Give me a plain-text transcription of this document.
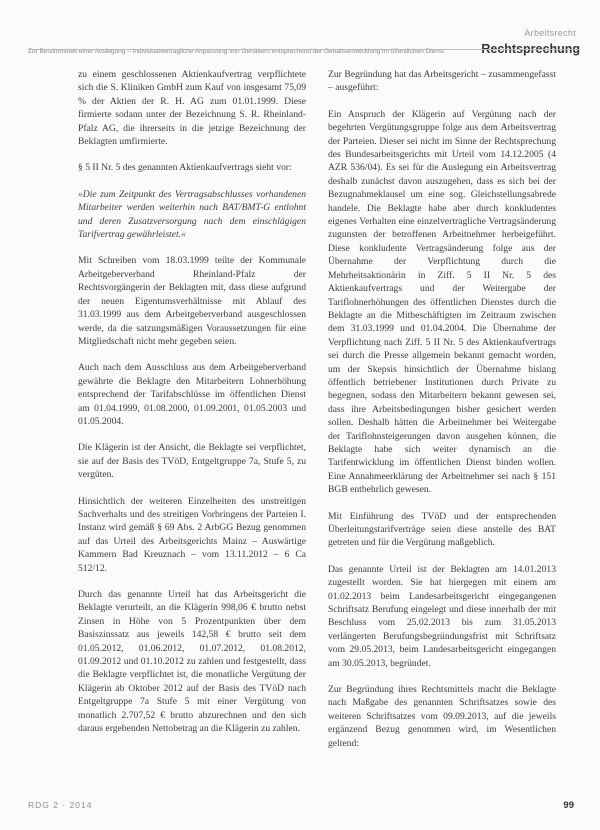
Arbeitsrecht
Zur Bestimmtheit einer Auslegung – Individualvertragliche Anpassung von Gehältern entsprechend der Gehaltsentwicklung im öffentlichen Dienst	Rechtsprechung

zu einem geschlossenen Aktienkaufvertrag verpflichtete sich die S. Kliniken GmbH zum Kauf von insgesamt 75,09 % der Aktien der R. H. AG zum 01.01.1999. Diese firmierte sodann unter der Bezeichnung S. R. Rheinland-Pfalz AG, die ihrerseits in die jetzige Bezeichnung der Beklagten umfirmierte.

§ 5 II Nr. 5 des genannten Aktienkaufvertrags sieht vor:

»Die zum Zeitpunkt des Vertragsabschlusses vorhandenen Mitarbeiter werden weiterhin nach BAT/BMT-G entlohnt und deren Zusatzversorgung nach dem einschlägigen Tarifvertrag gewährleistet.«

Mit Schreiben vom 18.03.1999 teilte der Kommunale Arbeitgeberverband Rheinland-Pfalz der Rechtsvorgängerin der Beklagten mit, dass diese aufgrund der neuen Eigentumsverhältnisse mit Ablauf des 31.03.1999 aus dem Arbeitgeberverband ausgeschlossen werde, da die satzungsmäßigen Voraussetzungen für eine Mitgliedschaft nicht mehr gegeben seien.

Auch nach dem Ausschluss aus dem Arbeitgeberverband gewährte die Beklagte den Mitarbeitern Lohnerhöhung entsprechend der Tarifabschlüsse im öffentlichen Dienst am 01.04.1999, 01.08.2000, 01.09.2001, 01.05.2003 und 01.05.2004.

Die Klägerin ist der Ansicht, die Beklagte sei verpflichtet, sie auf der Basis des TVöD, Entgeltgruppe 7a, Stufe 5, zu vergüten.

Hinsichtlich der weiteren Einzelheiten des unstreitigen Sachverhalts und des streitigen Vorbringens der Parteien I. Instanz wird gemäß § 69 Abs. 2 ArbGG Bezug genommen auf das Urteil des Arbeitsgerichts Mainz – Auswärtige Kammern Bad Kreuznach – vom 13.11.2012 – 6 Ca 512/12.

Durch das genannte Urteil hat das Arbeitsgericht die Beklagte verurteilt, an die Klägerin 998,06 € brutto nebst Zinsen in Höhe von 5 Prozentpunkten über dem Basiszinssatz aus jeweils 142,58 € brutto seit dem 01.05.2012, 01.06.2012, 01.07.2012, 01.08.2012, 01.09.2012 und 01.10.2012 zu zahlen und festgestellt, dass die Beklagte verpflichtet ist, die monatliche Vergütung der Klägerin ab Oktober 2012 auf der Basis des TVöD nach Entgeltgruppe 7a Stufe 5 mit einer Vergütung von monatlich 2.707,52 € brutto abzurechnen und den sich daraus ergebenden Nettobetrag an die Klägerin zu zahlen.

Zur Begründung hat das Arbeitsgericht – zusammengefasst – ausgeführt:

Ein Anspruch der Klägerin auf Vergütung nach der begehrten Vergütungsgruppe folge aus dem Arbeitsvertrag der Parteien. Dieser sei nicht im Sinne der Rechtsprechung des Bundesarbeitsgerichts mit Urteil vom 14.12.2005 (4 AZR 536/04). Es sei für die Auslegung ein Arbeitsvertrag deshalb zunächst davon auszugehen, dass es sich bei der Bezugnahmeklausel um eine sog. Gleichstellungsabrede handele. Die Beklagte habe aber durch konkludentes eigenes Verhalten eine einzelvertragliche Vertragsänderung zugunsten der betroffenen Arbeitnehmer herbeigeführt. Diese konkludente Vertragsänderung folge aus der Übernahme der Verpflichtung durch die Mehrheitsaktionärin in Ziff. 5 II Nr. 5 des Aktienkaufvertrags und der Weitergabe der Tariflohnerhöhungen des öffentlichen Dienstes durch die Beklagte an die Mitbeschäftigten im Zeitraum zwischen dem 31.03.1999 und 01.04.2004. Die Übernahme der Verpflichtung nach Ziff. 5 II Nr. 5 des Aktienkaufvertrags sei durch die Presse allgemein bekannt gemacht worden, um der Skepsis hinsichtlich der Übernahme bislang öffentlich betriebener Institutionen durch Private zu begegnen, sodass den Mitarbeitern bekannt gewesen sei, dass ihre Arbeitsbedingungen bisher gesichert werden sollen. Deshalb hätten die Arbeitnehmer bei Weitergabe der Tariflohnsteigerungen davon ausgehen können, die Beklagte habe sich weiter dynamisch an die Tarifentwicklung im öffentlichen Dienst binden wollen. Eine Annahmeerklärung der Arbeitnehmer sei nach § 151 BGB entbehrlich gewesen.

Mit Einführung des TVöD und der entsprechenden Überleitungstarifverträge seien diese anstelle des BAT getreten und für die Vergütung maßgeblich.

Das genannte Urteil ist der Beklagten am 14.01.2013 zugestellt worden. Sie hat hiergegen mit einem am 01.02.2013 beim Landesarbeitsgericht eingegangenen Schriftsatz Berufung eingelegt und diese innerhalb der mit Beschluss vom 25.02.2013 bis zum 31.05.2013 verlängerten Berufungsbegründungsfrist mit Schriftsatz vom 29.05.2013, beim Landesarbeitsgericht eingegangen am 30.05.2013, begründet.

Zur Begründung ihres Rechtsmittels macht die Beklagte nach Maßgabe des genannten Schriftsatzes sowie des weiteren Schriftsatzes vom 09.09.2013, auf die jeweils ergänzend Bezug genommen wird, im Wesentlichen geltend:

RDG 2 · 2014	99
